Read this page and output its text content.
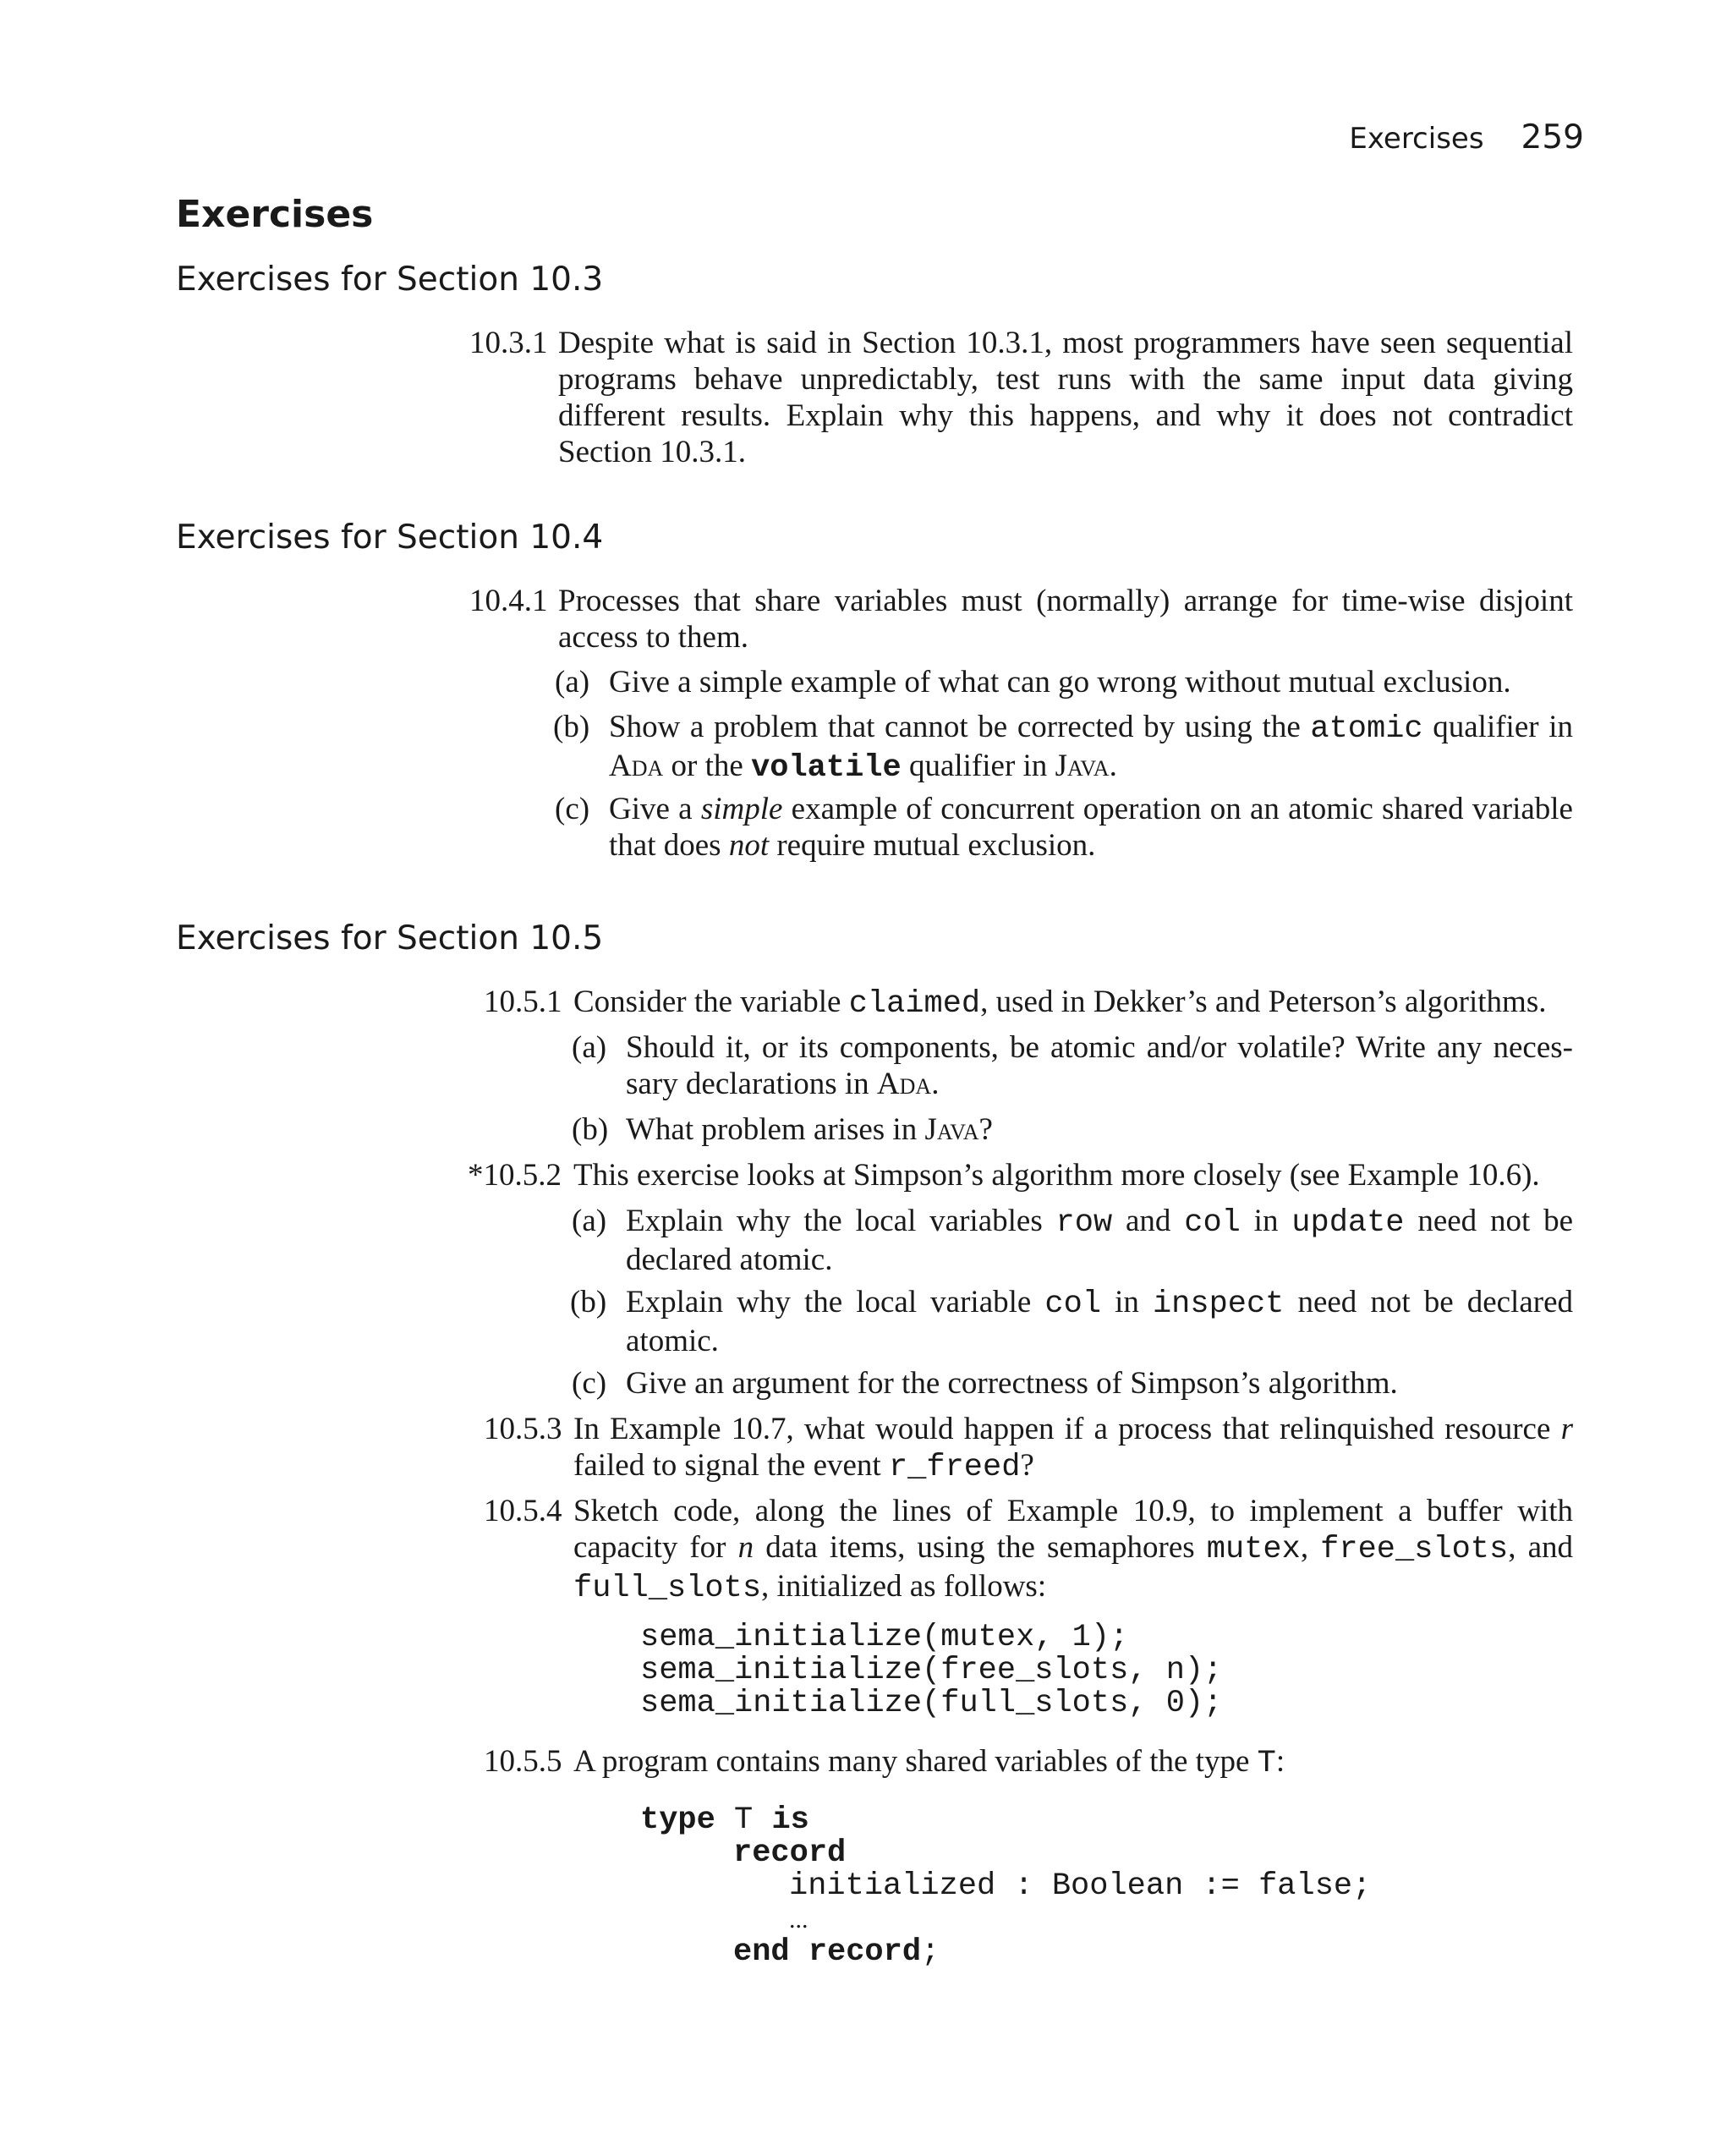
Exercises 259
Exercises
Exercises for Section 10.3
10.3.1 Despite what is said in Section 10.3.1, most programmers have seen sequential programs behave unpredictably, test runs with the same input data giving different results. Explain why this happens, and why it does not contradict Section 10.3.1.
Exercises for Section 10.4
10.4.1 Processes that share variables must (normally) arrange for time-wise disjoint access to them.
(a) Give a simple example of what can go wrong without mutual exclusion.
(b) Show a problem that cannot be corrected by using the atomic qualifier in Ada or the volatile qualifier in Java.
(c) Give a simple example of concurrent operation on an atomic shared variable that does not require mutual exclusion.
Exercises for Section 10.5
10.5.1 Consider the variable claimed, used in Dekker’s and Peterson’s algorithms.
(a) Should it, or its components, be atomic and/or volatile? Write any neces-sary declarations in Ada.
(b) What problem arises in Java?
*10.5.2 This exercise looks at Simpson’s algorithm more closely (see Example 10.6).
(a) Explain why the local variables row and col in update need not be declared atomic.
(b) Explain why the local variable col in inspect need not be declared atomic.
(c) Give an argument for the correctness of Simpson’s algorithm.
10.5.3 In Example 10.7, what would happen if a process that relinquished resource r failed to signal the event r_freed?
10.5.4 Sketch code, along the lines of Example 10.9, to implement a buffer with capacity for n data items, using the semaphores mutex, free_slots, and full_slots, initialized as follows:
sema_initialize(mutex, 1);
sema_initialize(free_slots, n);
sema_initialize(full_slots, 0);
10.5.5 A program contains many shared variables of the type T:
type T is
record
initialized : Boolean := false;
...
end record;
